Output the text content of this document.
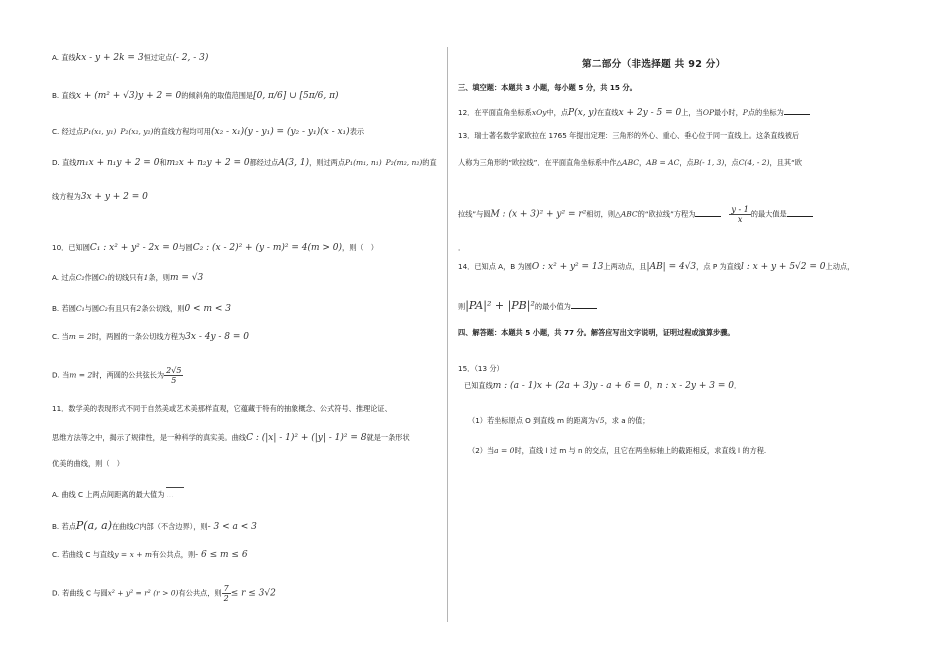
A. 直线kx - y + 2k = 3恒过定点(- 2, - 3)
B. 直线x + (m² + √3)y + 2 = 0的倾斜角的取值范围是[0, π/6] ∪ [5π/6, π)
C. 经过点P₁(x₁, y₁) P₂(x₂, y₂)的直线方程均可用(x₂ - x₁)(y - y₁) = (y₂ - y₁)(x - x₁)表示
D. 直线m₁x + n₁y + 2 = 0和m₂x + n₂y + 2 = 0都经过点A(3, 1)，则过两点P₁(m₁, n₁) P₂(m₂, n₂)的直
线方程为3x + y + 2 = 0
10．已知圆C₁ : x² + y² - 2x = 0与圆C₂ : (x - 2)² + (y - m)² = 4(m > 0)，则（　）
A. 过点C₂作圆C₁的切线只有1条，则m = √3
B. 若圆C₁与圆C₂有且只有2条公切线，则0 < m < 3
C. 当m = 2时，两圆的一条公切线方程为3x - 4y - 8 = 0
D. 当m = 2时，两圆的公共弦长为 $\frac{2√5}{5}$
11．数学美的表现形式不同于自然美或艺术美那样直观，它蕴藏于特有的抽象概念、公式符号、推理论证、
思维方法等之中，揭示了规律性，是一种科学的真实美。曲线C : (|x| - 1)² + (|y| - 1)² = 8就是一条形状
优美的曲线，则（　）
A. 曲线 C 上两点间距离的最大值为 ···
B. 若点P(a, a)在曲线C内部（不含边界），则- 3 < a < 3
C. 若曲线 C 与直线y = x + m有公共点，则- 6 ≤ m ≤ 6
D. 若曲线 C 与圆x² + y² = r² (r > 0)有公共点，则 $\frac{7}{2} \le r \le 3√2$
第二部分（非选择题 共 92 分）
三、填空题：本题共 3 小题，每小题 5 分，共 15 分。
12．在平面直角坐标系xOy中，点P(x, y)在直线x + 2y - 5 = 0上，当OP最小时，P点的坐标为
13．瑞士著名数学家欧拉在 1765 年提出定理：三角形的外心、重心、垂心位于同一直线上。这条直线被后
人称为三角形的“欧拉线”．在平面直角坐标系中作△ABC，AB = AC，点B(- 1, 3)，点C(4, - 2)，且其“欧
拉线”与圆M : (x + 3)² + y² = r²相切，则△ABC的“欧拉线”方程为	$\frac{y - 1}{x}$ 的最大值是
．
14．已知点 A，B 为圆O : x² + y² = 13上两动点，且|AB| = 4√3，点 P 为直线l : x + y + 5√2 = 0上动点，
则|PA|² + |PB|²的最小值为
四、解答题：本题共 5 小题，共 77 分。解答应写出文字说明，证明过程或演算步骤。
15．（13 分）
已知直线m : (a - 1)x + (2a + 3)y - a + 6 = 0，n : x - 2y + 3 = 0．
（1）若坐标原点 O 到直线 m 的距离为√5，求 a 的值；
（2）当a = 0时，直线 l 过 m 与 n 的交点，且它在两坐标轴上的截距相反，求直线 l 的方程.
